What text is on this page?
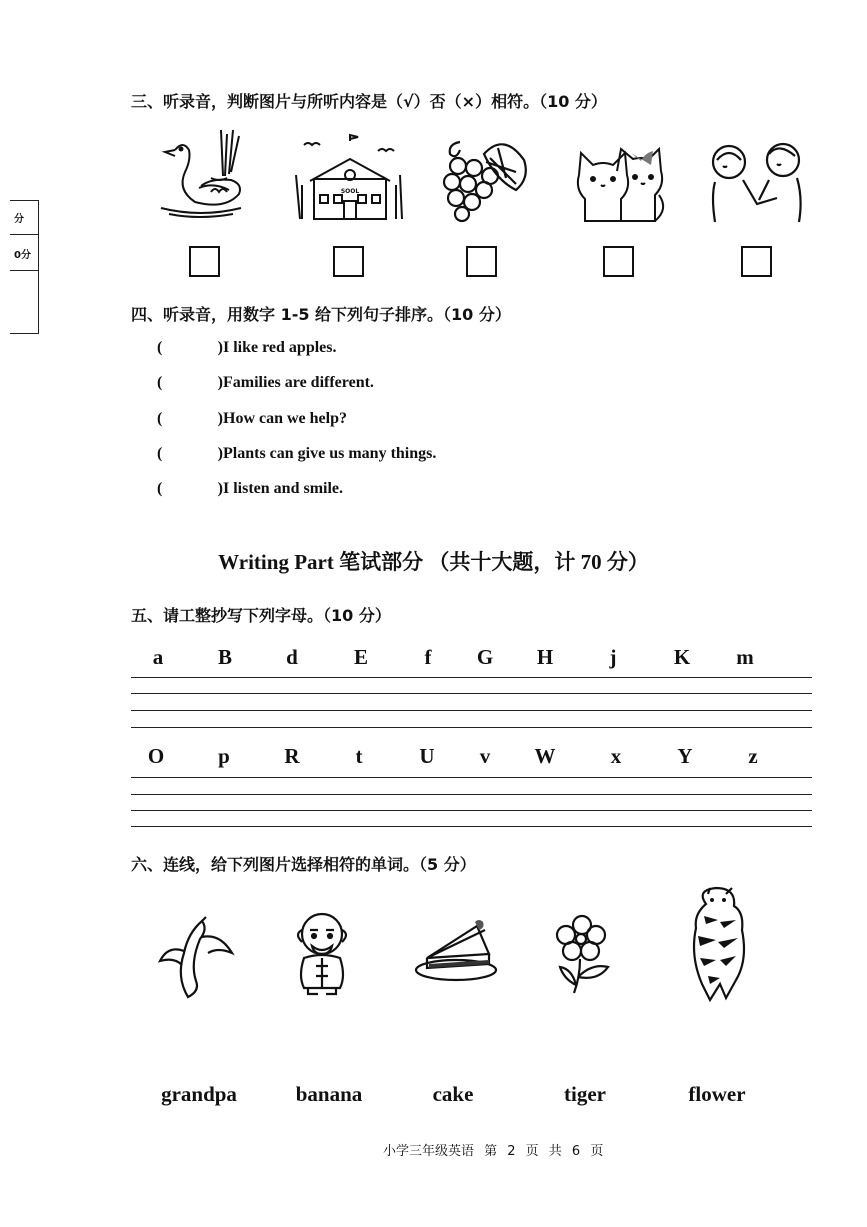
分
0分
三、听录音，判断图片与所听内容是（√）否（×）相符。（10 分）
SOOL
四、听录音，用数字 1-5 给下列句子排序。（10 分）
(	) I like red apples.
(	) Families are different.
(	) How can we help?
(	) Plants can give us many things.
(	) I listen and smile.
Writing Part 笔试部分 （共十大题，计 70 分）
五、请工整抄写下列字母。（10 分）
a	B	d	E	f	G	H	j	K	m
O	p	R	t	U	v	W	x	Y	z
六、连线，给下列图片选择相符的单词。（5 分）
grandpa	banana	cake	tiger	flower
小学三年级英语 第 2 页 共 6 页
